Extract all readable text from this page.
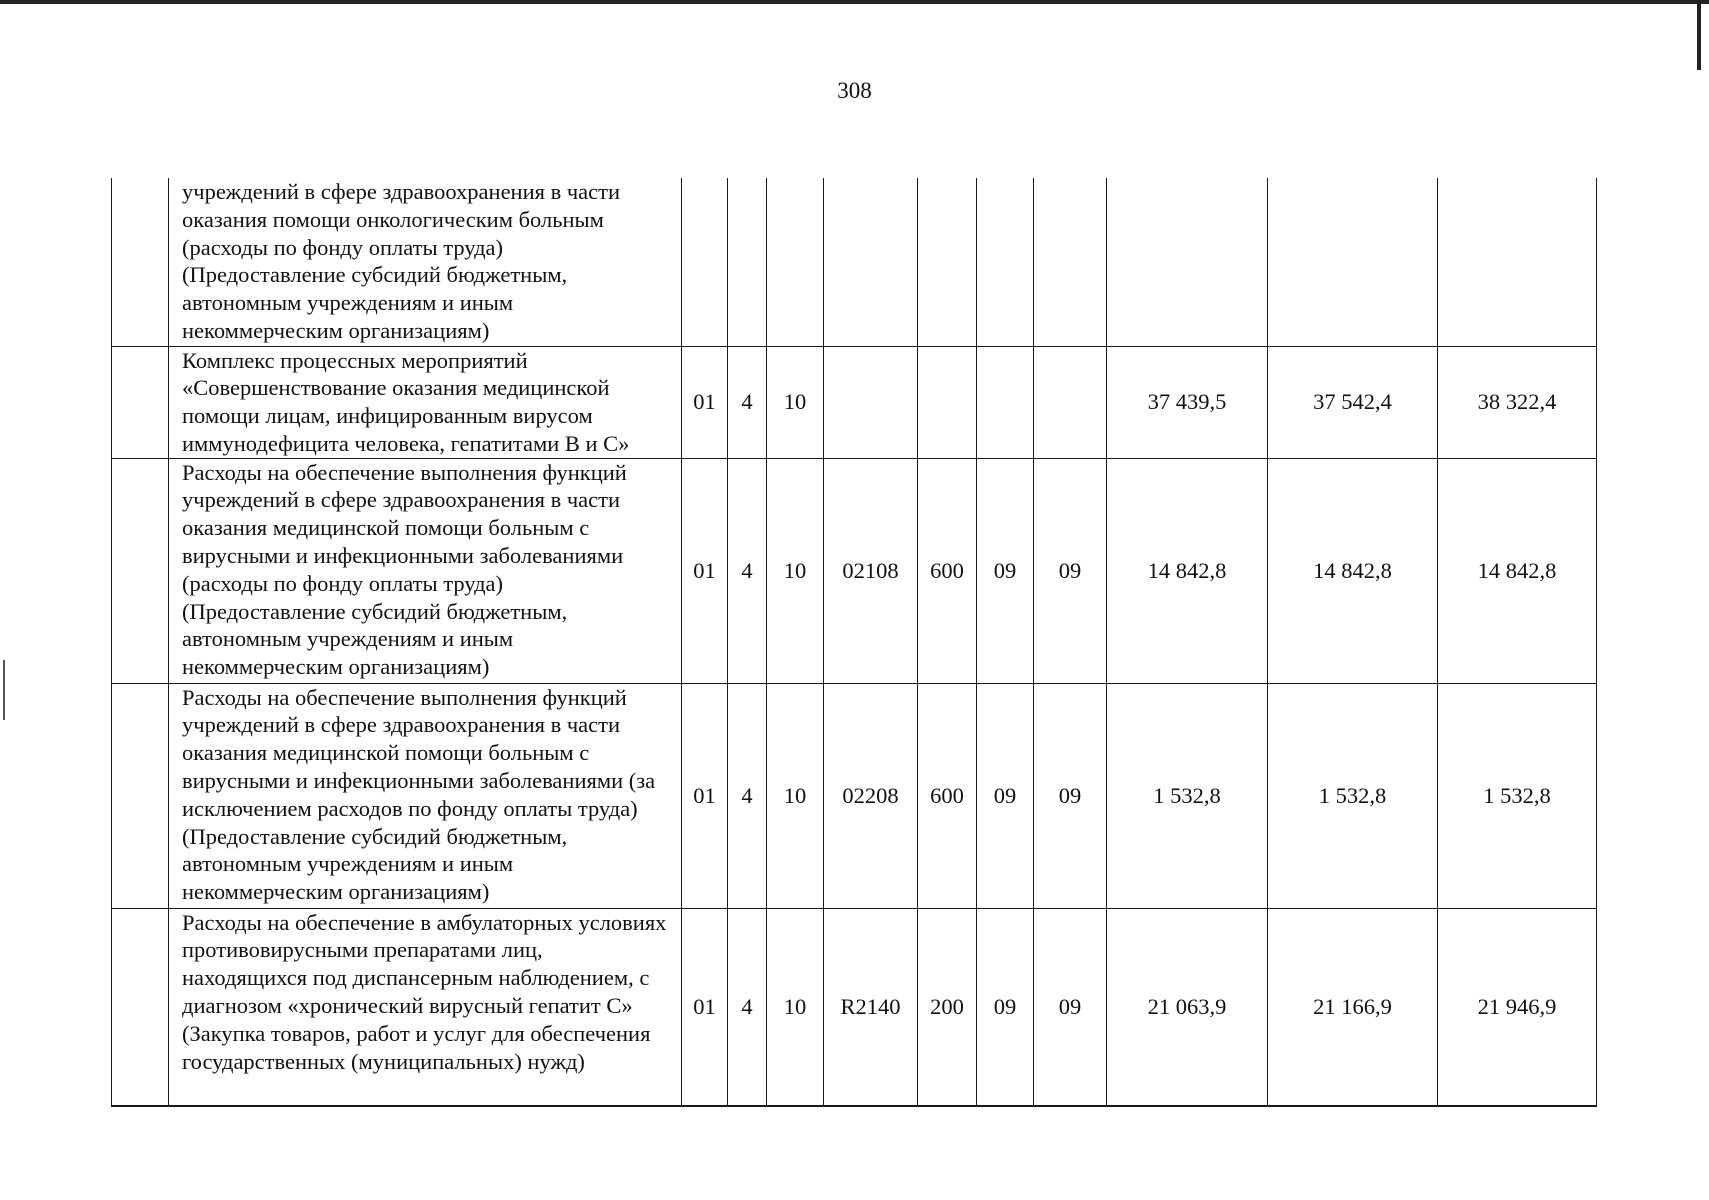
308
	учреждений в сфере здравоохранения в части оказания помощи онкологическим больным (расходы по фонду оплаты труда) (Предоставление субсидий бюджетным, автономным учреждениям и иным некоммерческим организациям)										
	Комплекс процессных мероприятий «Совершенствование оказания медицинской помощи лицам, инфицированным вирусом иммунодефицита человека, гепатитами В и С»	01	4	10					37 439,5	37 542,4	38 322,4
	Расходы на обеспечение выполнения функций учреждений в сфере здравоохранения в части оказания медицинской помощи больным с вирусными и инфекционными заболеваниями (расходы по фонду оплаты труда) (Предоставление субсидий бюджетным, автономным учреждениям и иным некоммерческим организациям)	01	4	10	02108	600	09	09	14 842,8	14 842,8	14 842,8
	Расходы на обеспечение выполнения функций учреждений в сфере здравоохранения в части оказания медицинской помощи больным с вирусными и инфекционными заболеваниями (за исключением расходов по фонду оплаты труда) (Предоставление субсидий бюджетным, автономным учреждениям и иным некоммерческим организациям)	01	4	10	02208	600	09	09	1 532,8	1 532,8	1 532,8
	Расходы на обеспечение в амбулаторных условиях противовирусными препаратами лиц, находящихся под диспансерным наблюдением, с диагнозом «хронический вирусный гепатит С» (Закупка товаров, работ и услуг для обеспечения государственных (муниципальных) нужд)	01	4	10	R2140	200	09	09	21 063,9	21 166,9	21 946,9
